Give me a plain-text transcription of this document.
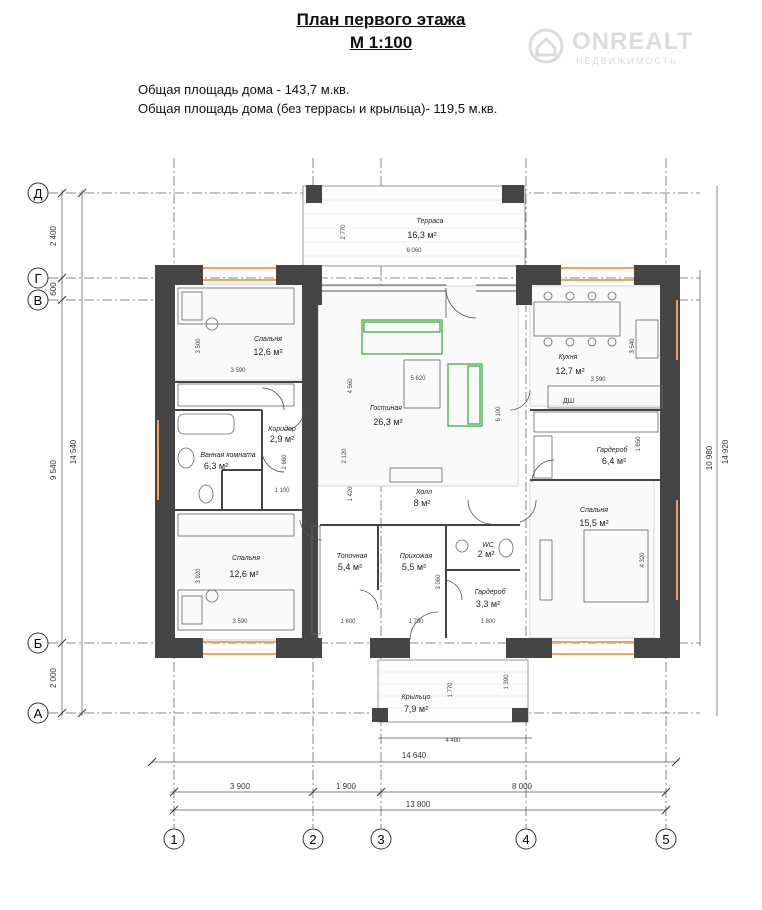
План первого этажа
М 1:100
Общая площадь дома - 143,7 м.кв.
Общая площадь дома (без террасы и крыльца)- 119,5 м.кв.
ONREALT
НЕДВИЖИМОСТЬ
Д
Г
В
Б
А
1	2	3	4	5
2 400
600
9 540
2 000
14 540	10 980 14 920
14 640
3 900	1 900	8 000
13 800
2 770
6 060
3 590
3 500
5 620
4 560
6 100
3 590
3 540
2 660
1 100
3 920
3 590	1 800	1 780	1 800
1 770
1 390
4 480
2 120
3 060
1 420
1 650
4 320
ДШ
Терраса
16,3 м²
Спальня
12,6 м²
Кухня
12,7 м²
Гостиная
26,3 м²
Коридор
2,9 м²
Ванная комната
6,3 м²
Гардероб
6,4 м²
Холл
8 м²
Спальня
15,5 м²
Спальня
12,6 м²
Топочная
5,4 м²
Прихожая
5,5 м²
WC
2 м²
Гардероб
3,3 м²
Крыльцо
7,9 м²
